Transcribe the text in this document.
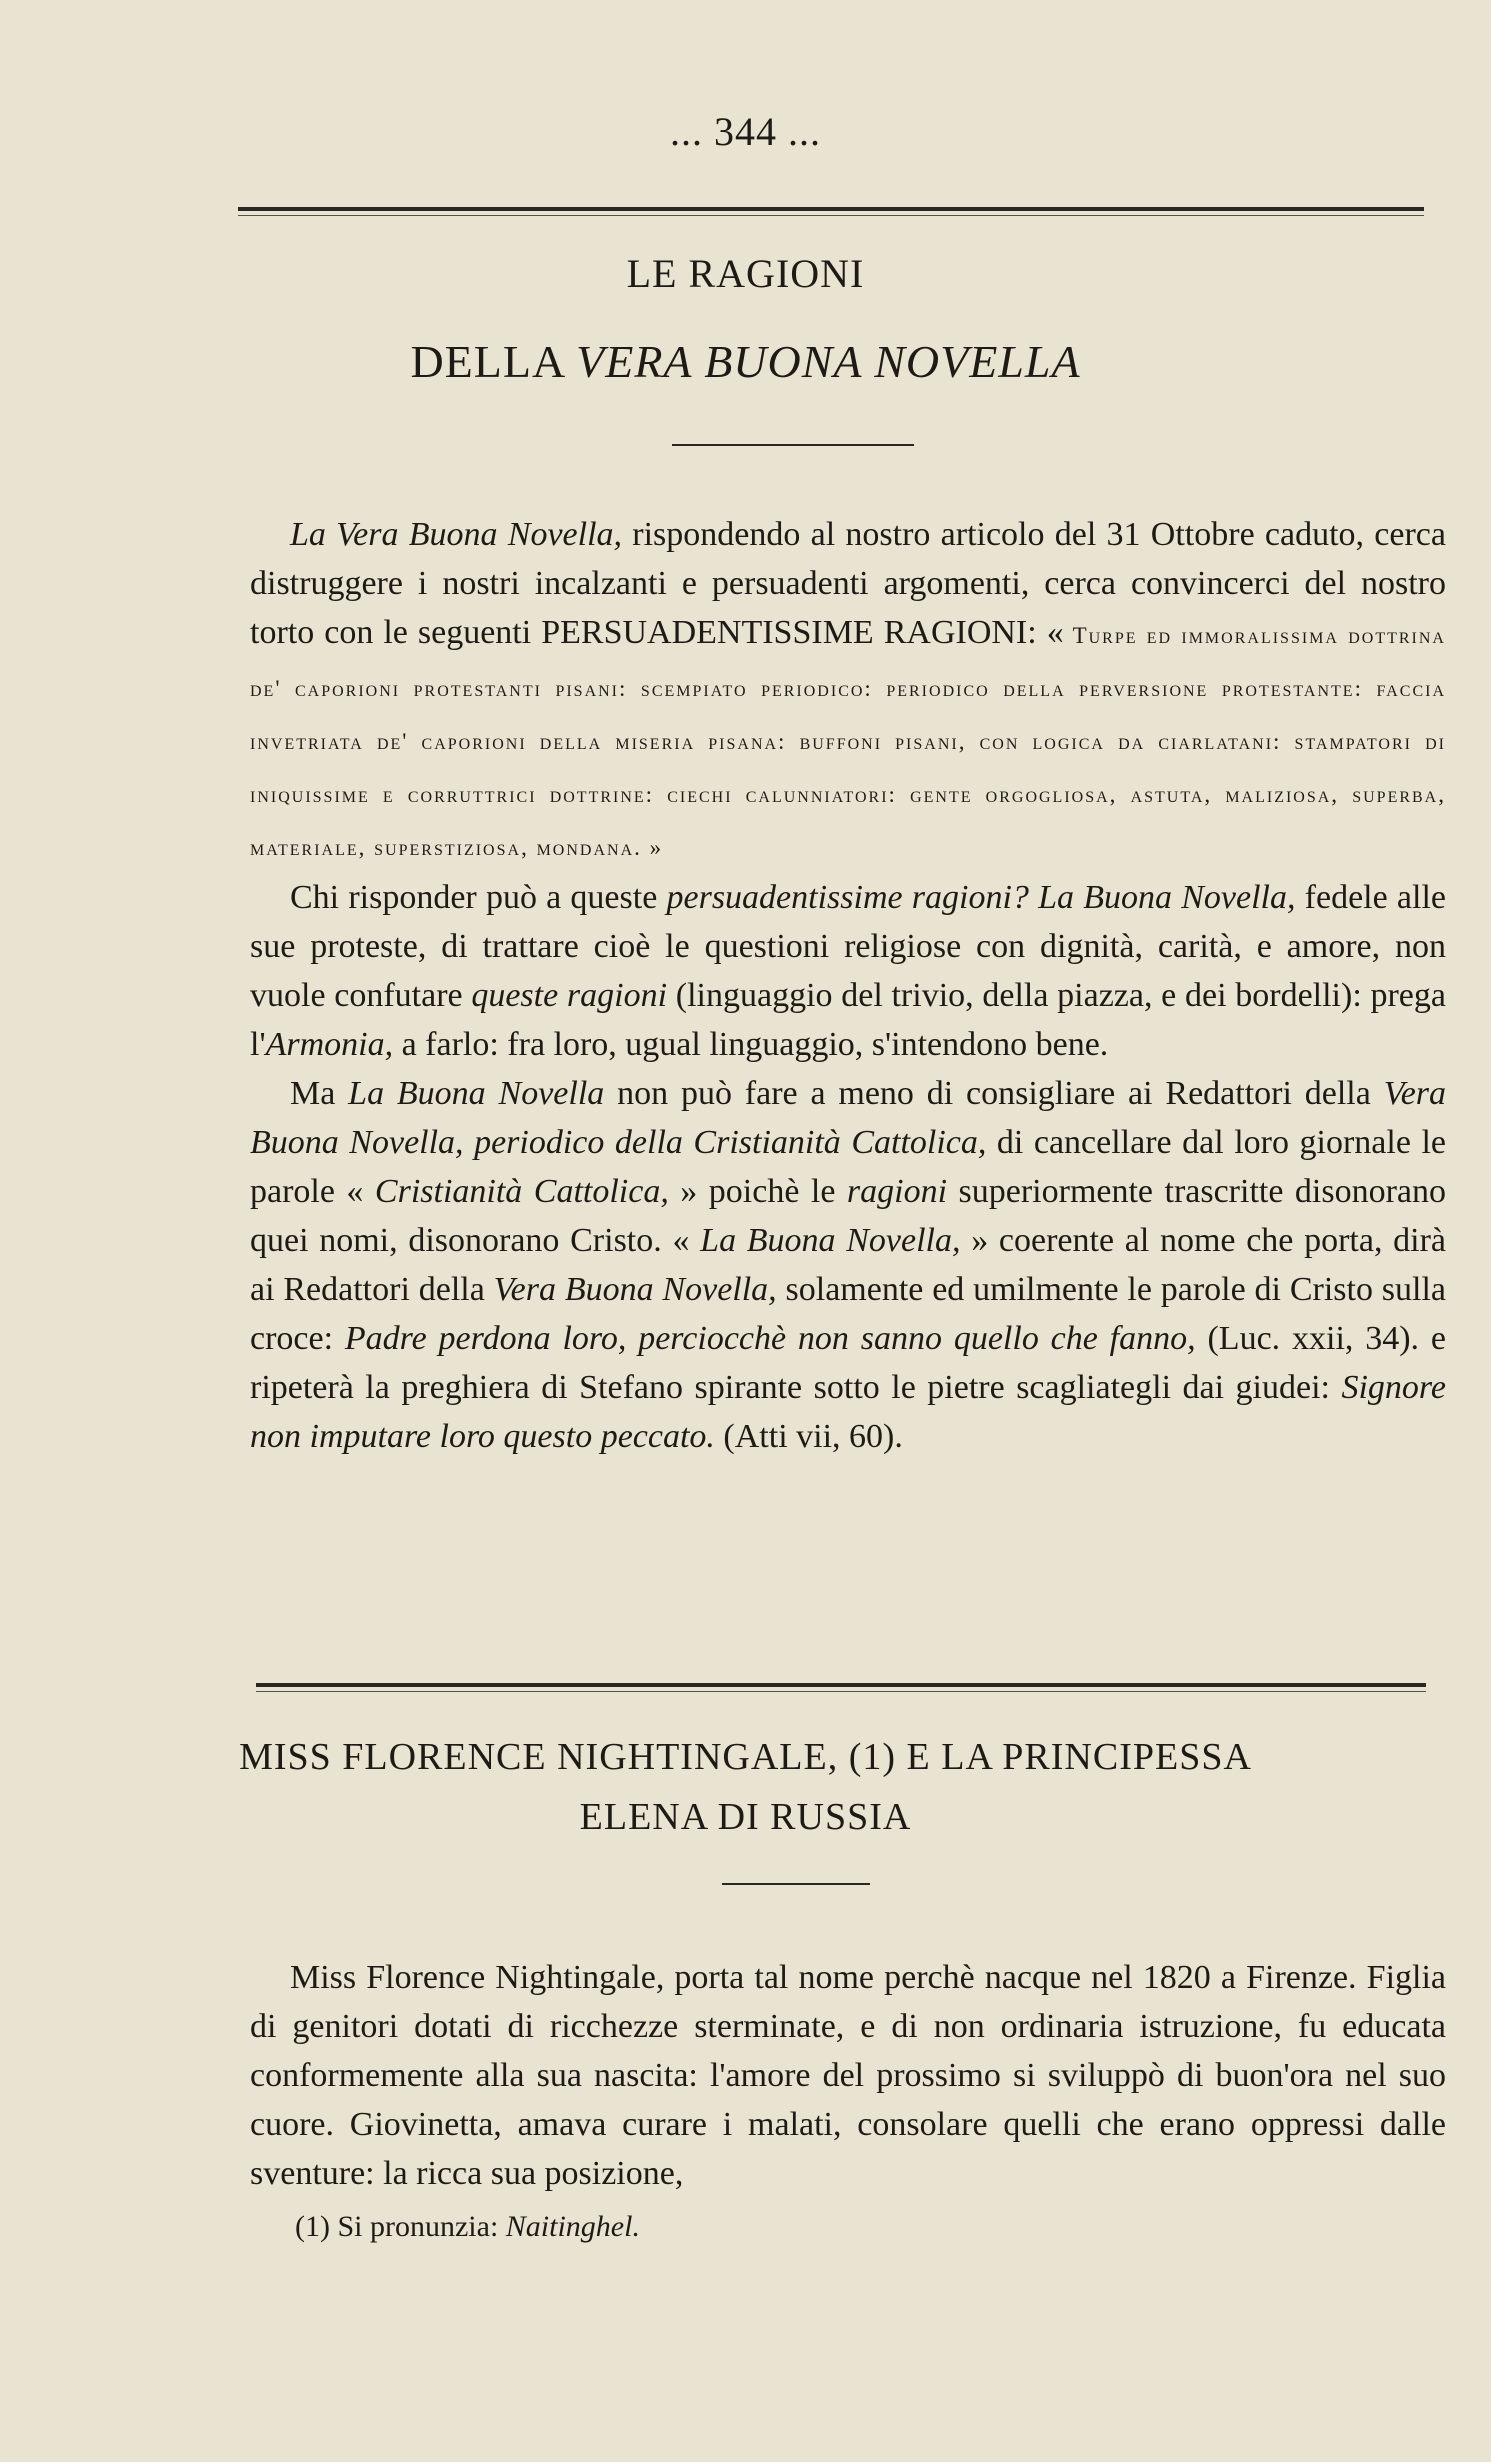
... 344 ...
LE RAGIONI
DELLA VERA BUONA NOVELLA

La Vera Buona Novella, rispondendo al nostro articolo del 31 Ottobre caduto, cerca distruggere i nostri incalzanti e persuadenti argomenti, cerca convincerci del nostro torto con le seguenti PERSUADENTISSIME RAGIONI: « Turpe ed immoralissima dottrina de' caporioni protestanti pisani: scempiato periodico: periodico della perversione protestante: faccia invetriata de' caporioni della miseria pisana: buffoni pisani, con logica da ciarlatani: stampatori di iniquissime e corruttrici dottrine: ciechi calunniatori: gente orgogliosa, astuta, maliziosa, superba, materiale, superstiziosa, mondana. »

Chi risponder può a queste persuadentissime ragioni? La Buona Novella, fedele alle sue proteste, di trattare cioè le questioni religiose con dignità, carità, e amore, non vuole confutare queste ragioni (linguaggio del trivio, della piazza, e dei bordelli): prega l'Armonia, a farlo: fra loro, ugual linguaggio, s'intendono bene.

Ma La Buona Novella non può fare a meno di consigliare ai Redattori della Vera Buona Novella, periodico della Cristianità Cattolica, di cancellare dal loro giornale le parole « Cristianità Cattolica, » poichè le ragioni superiormente trascritte disonorano quei nomi, disonorano Cristo. « La Buona Novella, » coerente al nome che porta, dirà ai Redattori della Vera Buona Novella, solamente ed umilmente le parole di Cristo sulla croce: Padre perdona loro, perciocchè non sanno quello che fanno, (Luc. xxii, 34). e ripeterà la preghiera di Stefano spirante sotto le pietre scagliategli dai giudei: Signore non imputare loro questo peccato. (Atti vii, 60).

MISS FLORENCE NIGHTINGALE, (1) E LA PRINCIPESSA
ELENA DI RUSSIA

Miss Florence Nightingale, porta tal nome perchè nacque nel 1820 a Firenze. Figlia di genitori dotati di ricchezze sterminate, e di non ordinaria istruzione, fu educata conformemente alla sua nascita: l'amore del prossimo si sviluppò di buon'ora nel suo cuore. Giovinetta, amava curare i malati, consolare quelli che erano oppressi dalle sventure: la ricca sua posizione,

(1) Si pronunzia: Naitinghel.
